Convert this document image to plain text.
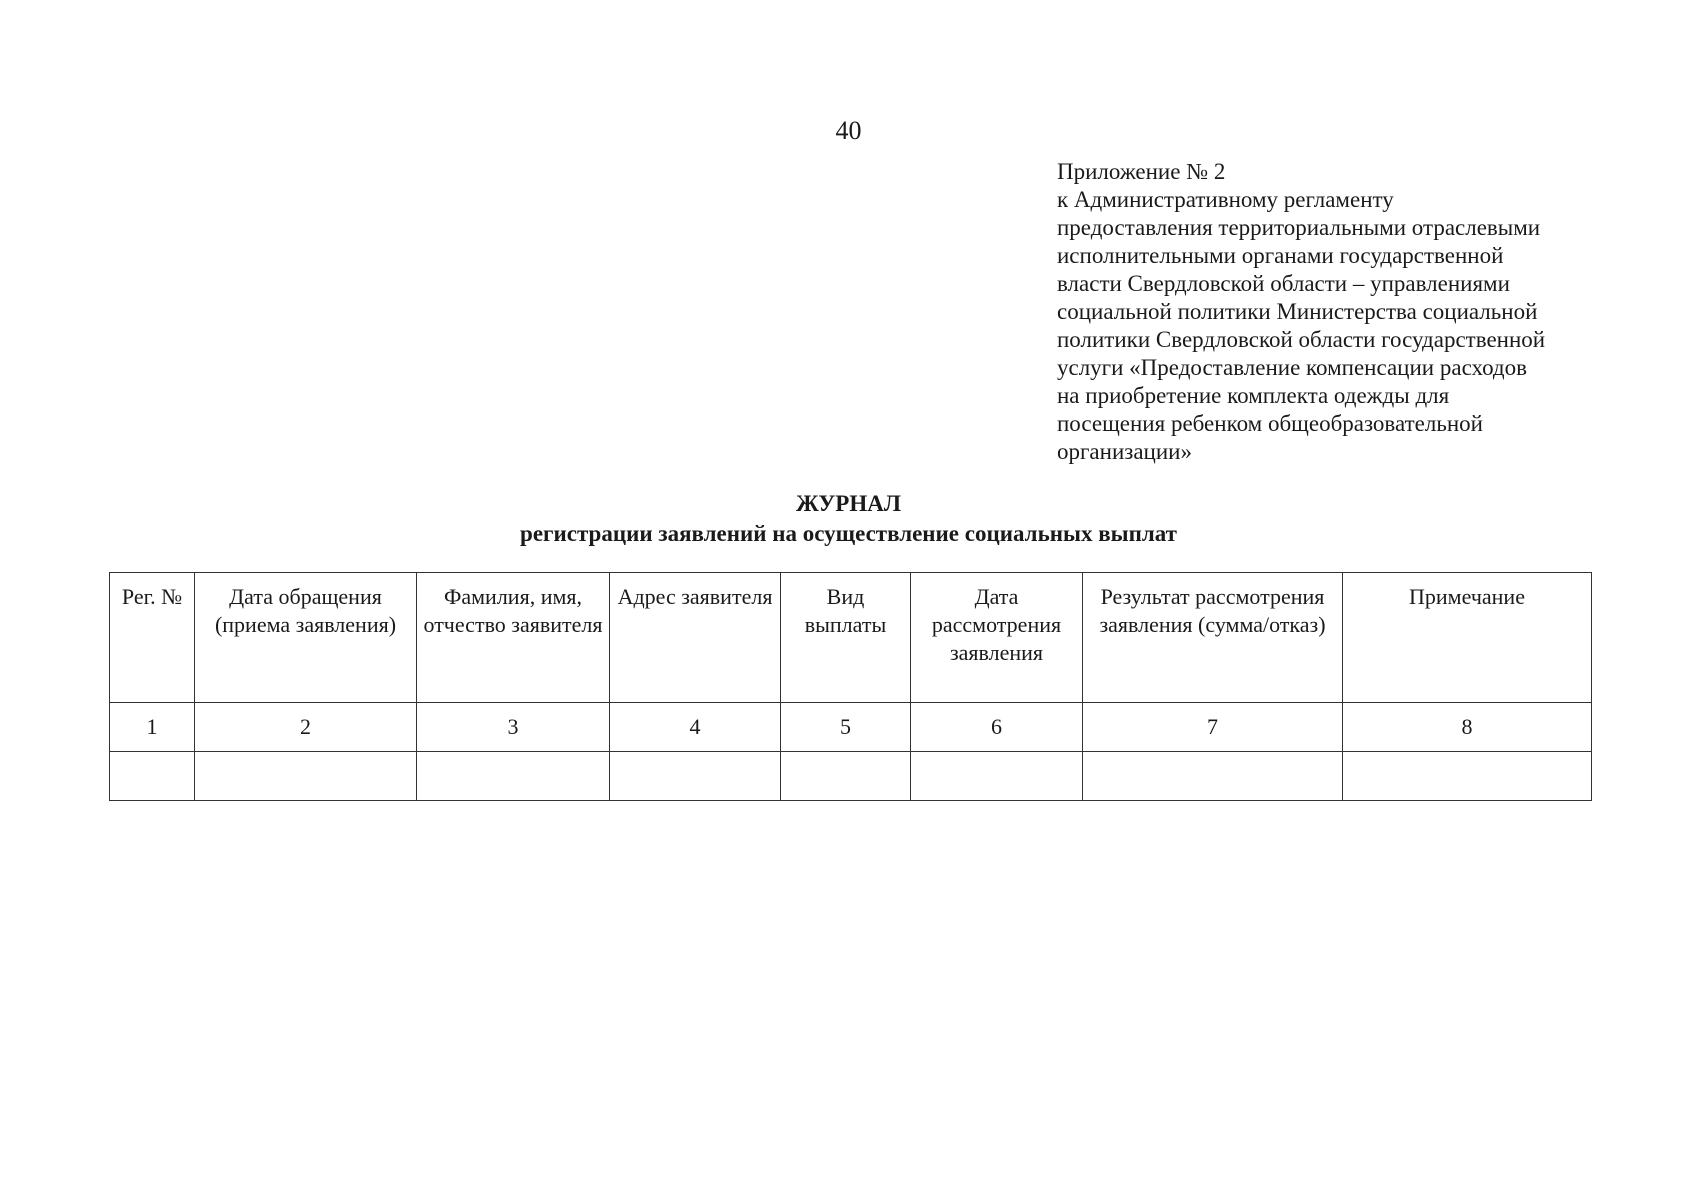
40
Приложение № 2
к Административному регламенту
предоставления территориальными отраслевыми
исполнительными органами государственной
власти Свердловской области – управлениями
социальной политики Министерства социальной
политики Свердловской области государственной
услуги «Предоставление компенсации расходов
на приобретение комплекта одежды для
посещения ребенком общеобразовательной
организации»
ЖУРНАЛ
регистрации заявлений на осуществление социальных выплат
Рег. №	Дата обращения (приема заявления)	Фамилия, имя, отчество заявителя	Адрес заявителя	Вид выплаты	Дата рассмотрения заявления	Результат рассмотрения заявления (сумма/отказ)	Примечание
1	2	3	4	5	6	7	8
